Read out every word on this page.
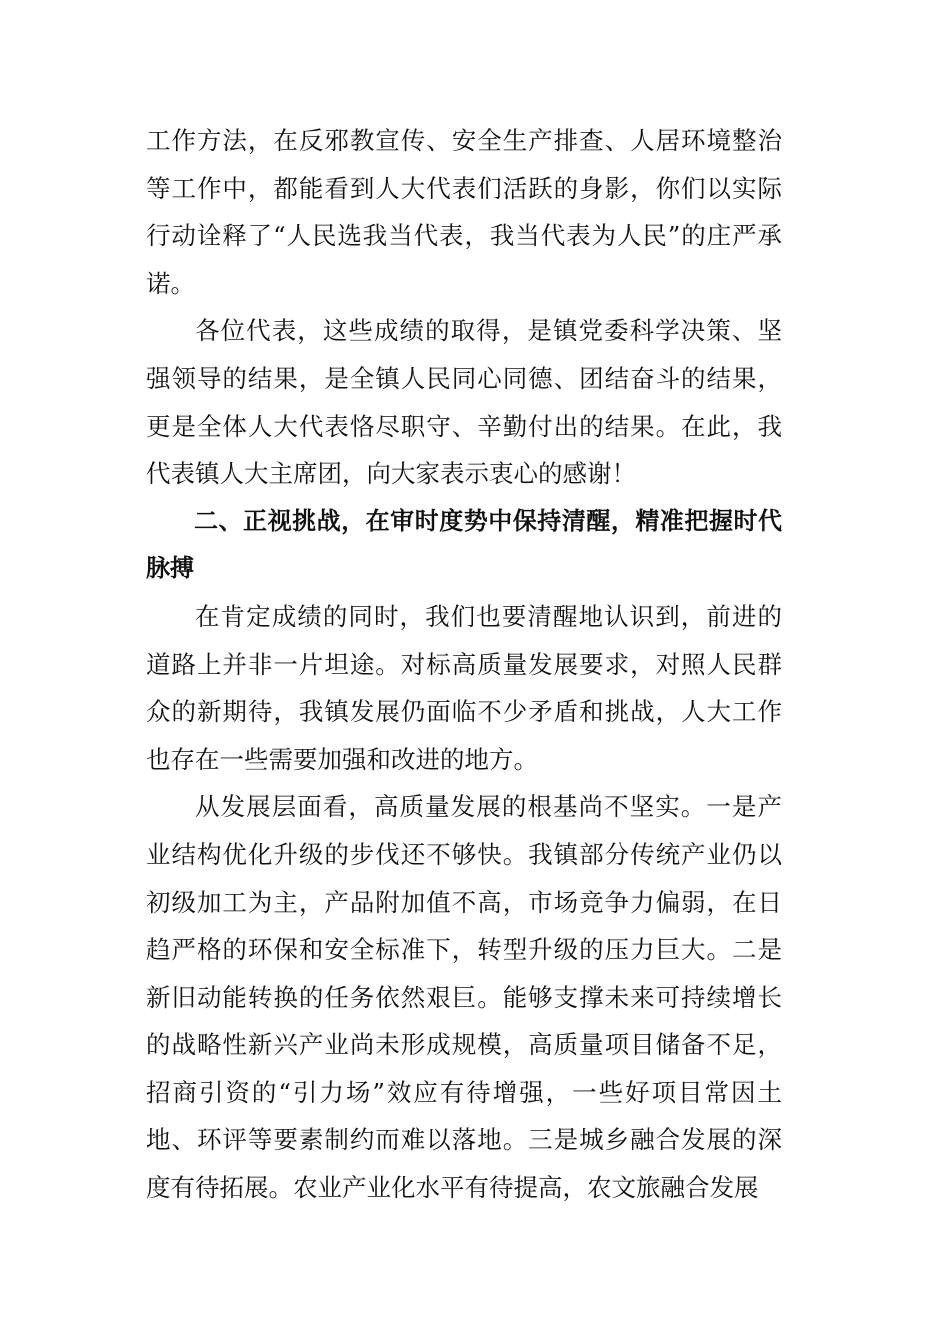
工作方法，在反邪教宣传、安全生产排查、人居环境整治等工作中，都能看到人大代表们活跃的身影，你们以实际行动诠释了“人民选我当代表，我当代表为人民”的庄严承诺。

各位代表，这些成绩的取得，是镇党委科学决策、坚强领导的结果，是全镇人民同心同德、团结奋斗的结果，更是全体人大代表恪尽职守、辛勤付出的结果。在此，我代表镇人大主席团，向大家表示衷心的感谢！

二、正视挑战，在审时度势中保持清醒，精准把握时代脉搏

在肯定成绩的同时，我们也要清醒地认识到，前进的道路上并非一片坦途。对标高质量发展要求，对照人民群众的新期待，我镇发展仍面临不少矛盾和挑战，人大工作也存在一些需要加强和改进的地方。

从发展层面看，高质量发展的根基尚不坚实。一是产业结构优化升级的步伐还不够快。我镇部分传统产业仍以初级加工为主，产品附加值不高，市场竞争力偏弱，在日趋严格的环保和安全标准下，转型升级的压力巨大。二是新旧动能转换的任务依然艰巨。能够支撑未来可持续增长的战略性新兴产业尚未形成规模，高质量项目储备不足，招商引资的“引力场”效应有待增强，一些好项目常因土地、环评等要素制约而难以落地。三是城乡融合发展的深度有待拓展。农业产业化水平有待提高，农文旅融合发展
